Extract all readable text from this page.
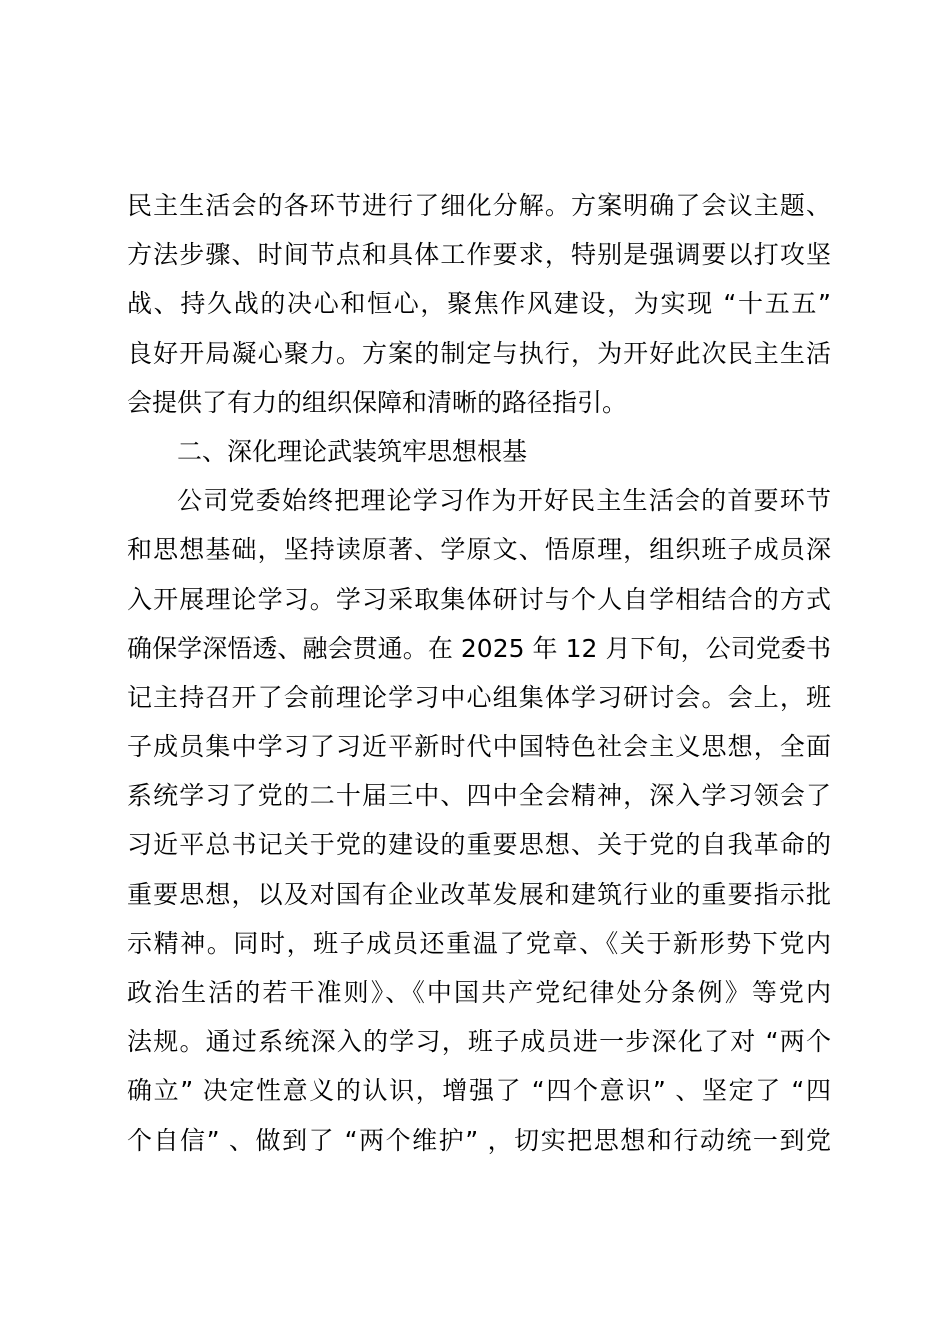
民主生活会的各环节进行了细化分解。方案明确了会议主题、
方法步骤、时间节点和具体工作要求，特别是强调要以打攻坚
战、持久战的决心和恒心，聚焦作风建设，为实现 “十五五”
良好开局凝心聚力。方案的制定与执行，为开好此次民主生活
会提供了有力的组织保障和清晰的路径指引。
二、深化理论武装筑牢思想根基
公司党委始终把理论学习作为开好民主生活会的首要环节
和思想基础，坚持读原著、学原文、悟原理，组织班子成员深
入开展理论学习。学习采取集体研讨与个人自学相结合的方式
确保学深悟透、融会贯通。在 2025 年 12 月下旬，公司党委书
记主持召开了会前理论学习中心组集体学习研讨会。会上，班
子成员集中学习了习近平新时代中国特色社会主义思想，全面
系统学习了党的二十届三中、四中全会精神，深入学习领会了
习近平总书记关于党的建设的重要思想、关于党的自我革命的
重要思想，以及对国有企业改革发展和建筑行业的重要指示批
示精神。同时，班子成员还重温了党章、《关于新形势下党内
政治生活的若干准则》、《中国共产党纪律处分条例》等党内
法规。通过系统深入的学习，班子成员进一步深化了对 “两个
确立” 决定性意义的认识，增强了 “四个意识” 、坚定了 “四
个自信” 、做到了 “两个维护” ，切实把思想和行动统一到党
